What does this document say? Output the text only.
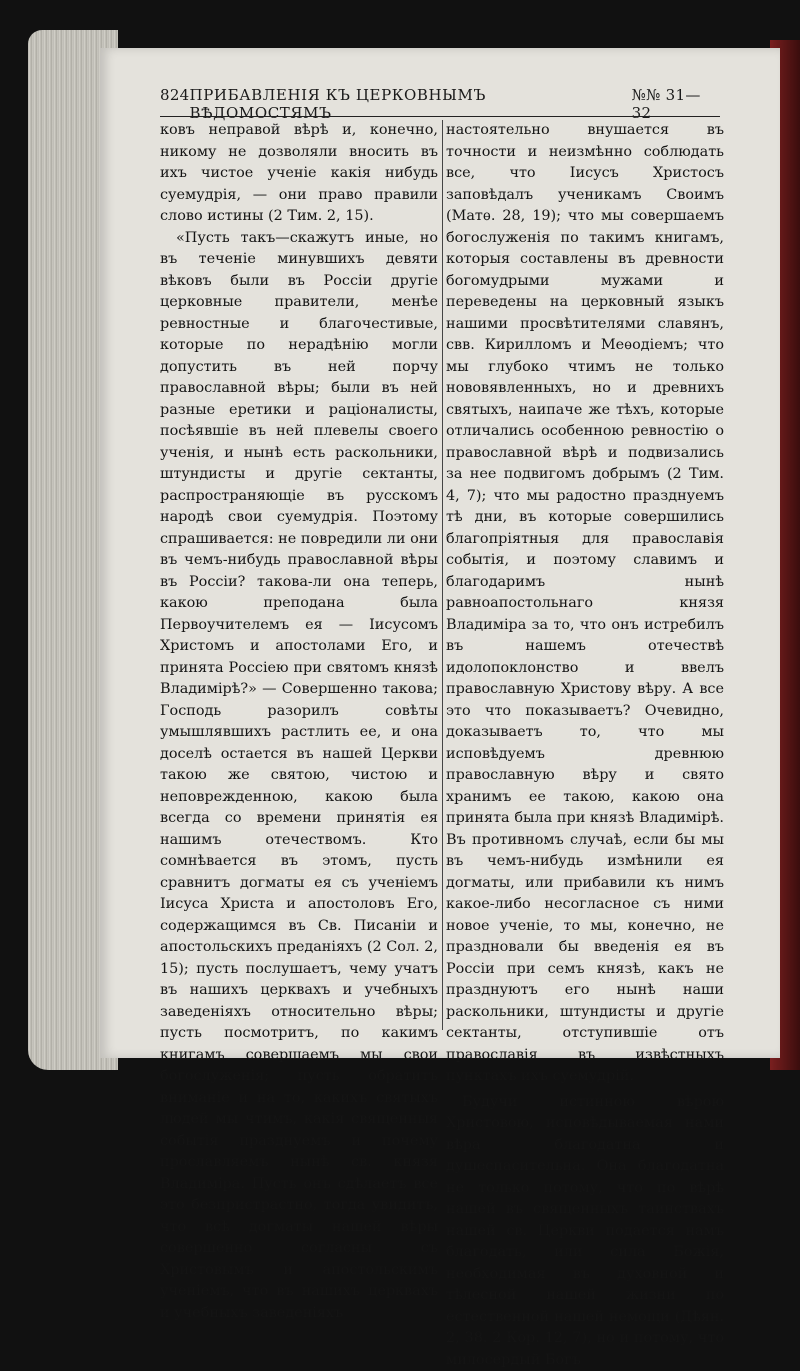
824 ПРИБАВЛЕНІЯ КЪ ЦЕРКОВНЫМЪ ВѢДОМОСТЯМЪ
№№ 31—32

ковъ неправой вѣрѣ и, конечно, никому не дозволяли вносить въ ихъ чистое ученіе какія нибудь суемудрія, — они право правили слово истины (2 Тим. 2, 15).

«Пусть такъ—скажутъ иные, но въ теченіе минувшихъ девяти вѣковъ были въ Россіи другіе церковные правители, менѣе ревностные и благочестивые, которые по нерадѣнію могли допустить въ ней порчу православной вѣры; были въ ней разные еретики и раціоналисты, посѣявшіе въ ней плевелы своего ученія, и нынѣ есть раскольники, штундисты и другіе сектанты, распространяющіе въ русскомъ народѣ свои суемудрія. Поэтому спрашивается: не повредили ли они въ чемъ-нибудь православной вѣры въ Россіи? такова-ли она теперь, какою преподана была Первоучителемъ ея — Іисусомъ Христомъ и апостолами Его, и принята Россіею при святомъ князѣ Владимірѣ?» — Совершенно такова; Господь разорилъ совѣты умышлявшихъ растлить ее, и она доселѣ остается въ нашей Церкви такою же святою, чистою и неповрежденною, какою была всегда со времени принятія ея нашимъ отечествомъ. Кто сомнѣвается въ этомъ, пусть сравнитъ догматы ея съ ученіемъ Іисуса Христа и апостоловъ Его, содержащимся въ Св. Писаніи и апостольскихъ преданіяхъ (2 Сол. 2, 15); пусть послушаетъ, чему учатъ въ нашихъ церквахъ и учебныхъ заведеніяхъ относительно вѣры; пусть посмотритъ, по какимъ книгамъ совершаемъ мы свои богослуженія; пусть обратитъ вниманіе и на то, какихъ святыхъ людей мы чтимъ, какія священныя событія празднуемъ и почему прославляемъ нынѣ св. князя Владиміра. Пусть онъ сдѣлаетъ все это безпристрастно, тогда увидитъ, что всѣ догматы нашей вѣры совершенно согласны съ Христовымъ и апостольскимъ ученіемъ, что въ нашихъ церквахъ и учебныхъ заведеніяхъ

настоятельно внушается въ точности и неизмѣнно соблюдать все, что Іисусъ Христосъ заповѣдалъ ученикамъ Своимъ (Матѳ. 28, 19); что мы совершаемъ богослуженія по такимъ книгамъ, которыя составлены въ древности богомудрыми мужами и переведены на церковный языкъ нашими просвѣтителями славянъ, свв. Кирилломъ и Меѳодіемъ; что мы глубоко чтимъ не только нововявленныхъ, но и древнихъ святыхъ, наипаче же тѣхъ, которые отличались особенною ревностію о православной вѣрѣ и подвизались за нее подвигомъ добрымъ (2 Тим. 4, 7); что мы радостно празднуемъ тѣ дни, въ которые совершились благопріятныя для православія событія, и поэтому славимъ и благодаримъ нынѣ равноапостольнаго князя Владиміра за то, что онъ истребилъ въ нашемъ отечествѣ идолопоклонство и ввелъ православную Христову вѣру. А все это что показываетъ? Очевидно, доказываетъ то, что мы исповѣдуемъ древнюю православную вѣру и свято хранимъ ее такою, какою она принята была при князѣ Владимірѣ. Въ противномъ случаѣ, если бы мы въ чемъ-нибудь измѣнили ея догматы, или прибавили къ нимъ какое-либо несогласное съ ними новое ученіе, то мы, конечно, не праздновали бы введенія ея въ Россіи при семъ князѣ, какъ не празднуютъ его нынѣ наши раскольники, штундисты и другіе сектанты, отступившіе отъ православія въ извѣстныхъ пунктахъ ихъ суемудрій.

Будучи истинною вѣрою Христовою, исповѣдываемая нами вѣра благодатна и душеспасительна. Она благодатна не только потому, что по вѣрѣ нашей въ священныхъ таинствахъ нашей св. Церкви подается намъ благодать, или сила Божія, необходимая въ духовной и тѣлесной нашей жизни по естественной нашей немощи (Дѣян. 2, 38. 2 Кор. 12, 7), но и потому, что милосердый Богъ
